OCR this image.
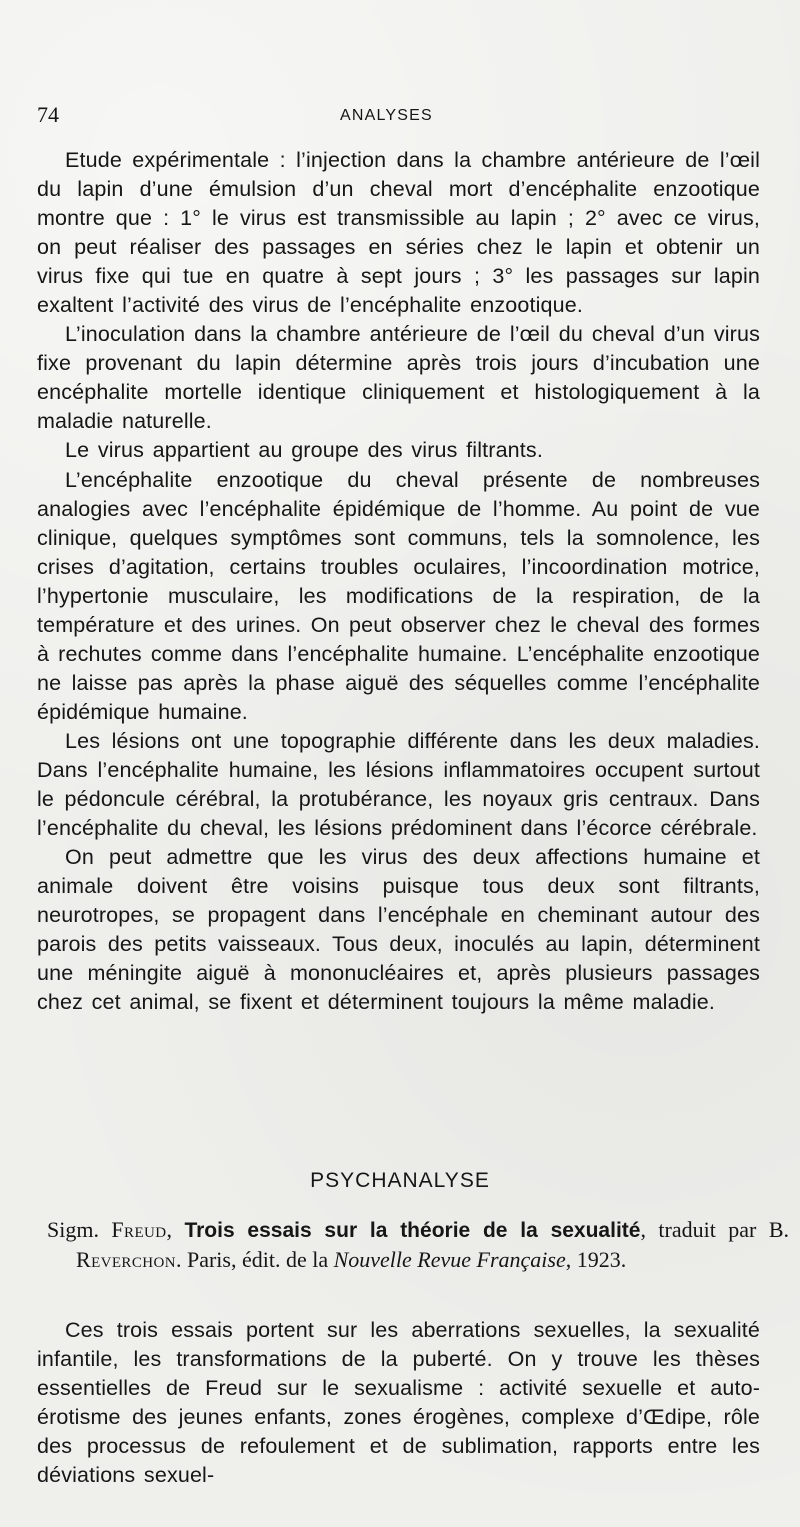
74	ANALYSES

Etude expérimentale : l’injection dans la chambre antérieure de l’œil du lapin d’une émulsion d’un cheval mort d’encéphalite enzootique montre que : 1° le virus est transmissible au lapin ; 2° avec ce virus, on peut réaliser des passages en séries chez le lapin et obtenir un virus fixe qui tue en quatre à sept jours ; 3° les passages sur lapin exaltent l’activité des virus de l’encéphalite enzootique.

L’inoculation dans la chambre antérieure de l’œil du cheval d’un virus fixe provenant du lapin détermine après trois jours d’incubation une encéphalite mortelle identique cliniquement et histologiquement à la maladie naturelle.

Le virus appartient au groupe des virus filtrants.

L’encéphalite enzootique du cheval présente de nombreuses analogies avec l’encéphalite épidémique de l’homme. Au point de vue clinique, quelques symptômes sont communs, tels la somnolence, les crises d’agitation, certains troubles oculaires, l’incoordination motrice, l’hypertonie musculaire, les modifications de la respiration, de la température et des urines. On peut observer chez le cheval des formes à rechutes comme dans l’encéphalite humaine. L’encéphalite enzootique ne laisse pas après la phase aiguë des séquelles comme l’encéphalite épidémique humaine.

Les lésions ont une topographie différente dans les deux maladies. Dans l’encéphalite humaine, les lésions inflammatoires occupent surtout le pédoncule cérébral, la protubérance, les noyaux gris centraux. Dans l’encéphalite du cheval, les lésions prédominent dans l’écorce cérébrale.

On peut admettre que les virus des deux affections humaine et animale doivent être voisins puisque tous deux sont filtrants, neurotropes, se propagent dans l’encéphale en cheminant autour des parois des petits vaisseaux. Tous deux, inoculés au lapin, déterminent une méningite aiguë à mononucléaires et, après plusieurs passages chez cet animal, se fixent et déterminent toujours la même maladie.

PSYCHANALYSE
Sigm. Freud, Trois essais sur la théorie de la sexualité, traduit par B. Reverchon. Paris, édit. de la Nouvelle Revue Française, 1923.

Ces trois essais portent sur les aberrations sexuelles, la sexualité infantile, les transformations de la puberté. On y trouve les thèses essentielles de Freud sur le sexualisme : activité sexuelle et auto-érotisme des jeunes enfants, zones érogènes, complexe d’Œdipe, rôle des processus de refoulement et de sublimation, rapports entre les déviations sexuel-
